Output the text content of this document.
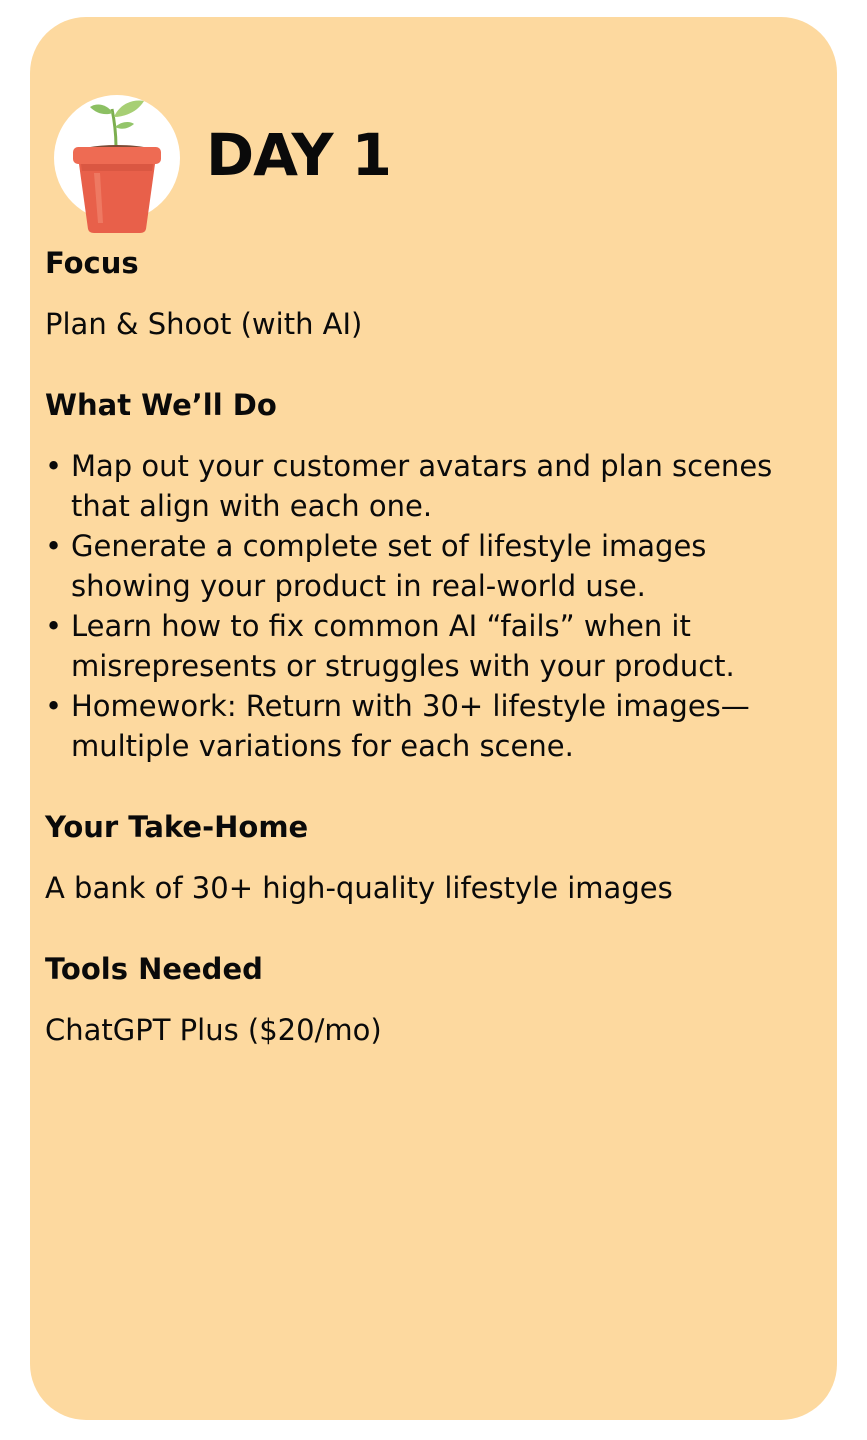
DAY 1

Focus

Plan & Shoot (with AI)

What We’ll Do

• Map out your customer avatars and plan scenes that align with each one.
• Generate a complete set of lifestyle images showing your product in real-world use.
• Learn how to fix common AI “fails” when it misrepresents or struggles with your product.
• Homework: Return with 30+ lifestyle images—multiple variations for each scene.

Your Take-Home

A bank of 30+ high-quality lifestyle images

Tools Needed

ChatGPT Plus ($20/mo)
